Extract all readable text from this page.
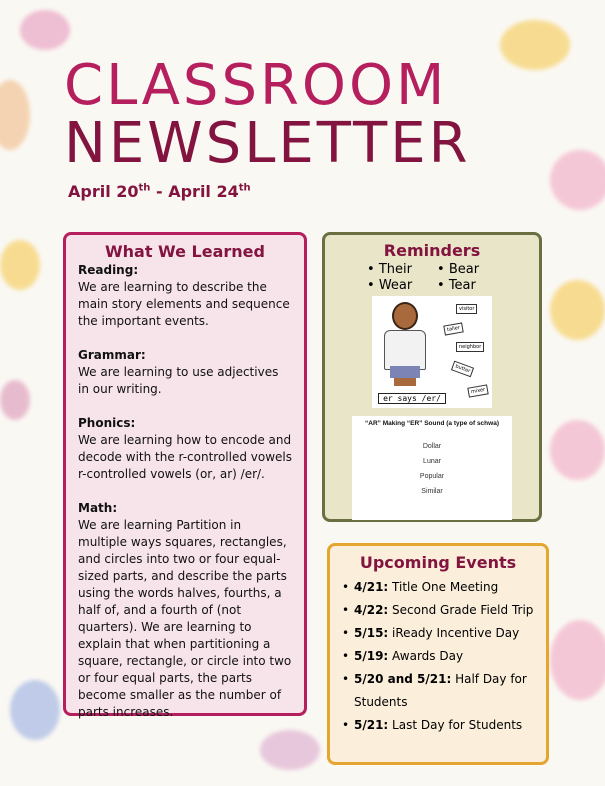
CLASSROOM
NEWSLETTER
April 20th - April 24th
What We Learned
Reading:
We are learning to describe the main story elements and sequence the important events.
Grammar:
We are learning to use adjectives in our writing.
Phonics:
We are learning how to encode and decode with the r-controlled vowels r-controlled vowels (or, ar) /er/.
Math:
We are learning Partition in multiple ways squares, rectangles, and circles into two or four equal-sized parts, and describe the parts using the words halves, fourths, a half of, and a fourth of (not quarters). We are learning to explain that when partitioning a square, rectangle, or circle into two or four equal parts, the parts become smaller as the number of parts increases.
Reminders
• Their	• Bear
• Wear	• Tear
visitor
taller
neighbor
butter
mixer
er says /er/
“AR” Making “ER” Sound (a type of schwa)
Dollar
Lunar
Popular
Similar
Upcoming Events
• 4/21: Title One Meeting
• 4/22: Second Grade Field Trip
• 5/15: iReady Incentive Day
• 5/19: Awards Day
• 5/20 and 5/21: Half Day for Students
• 5/21: Last Day for Students
